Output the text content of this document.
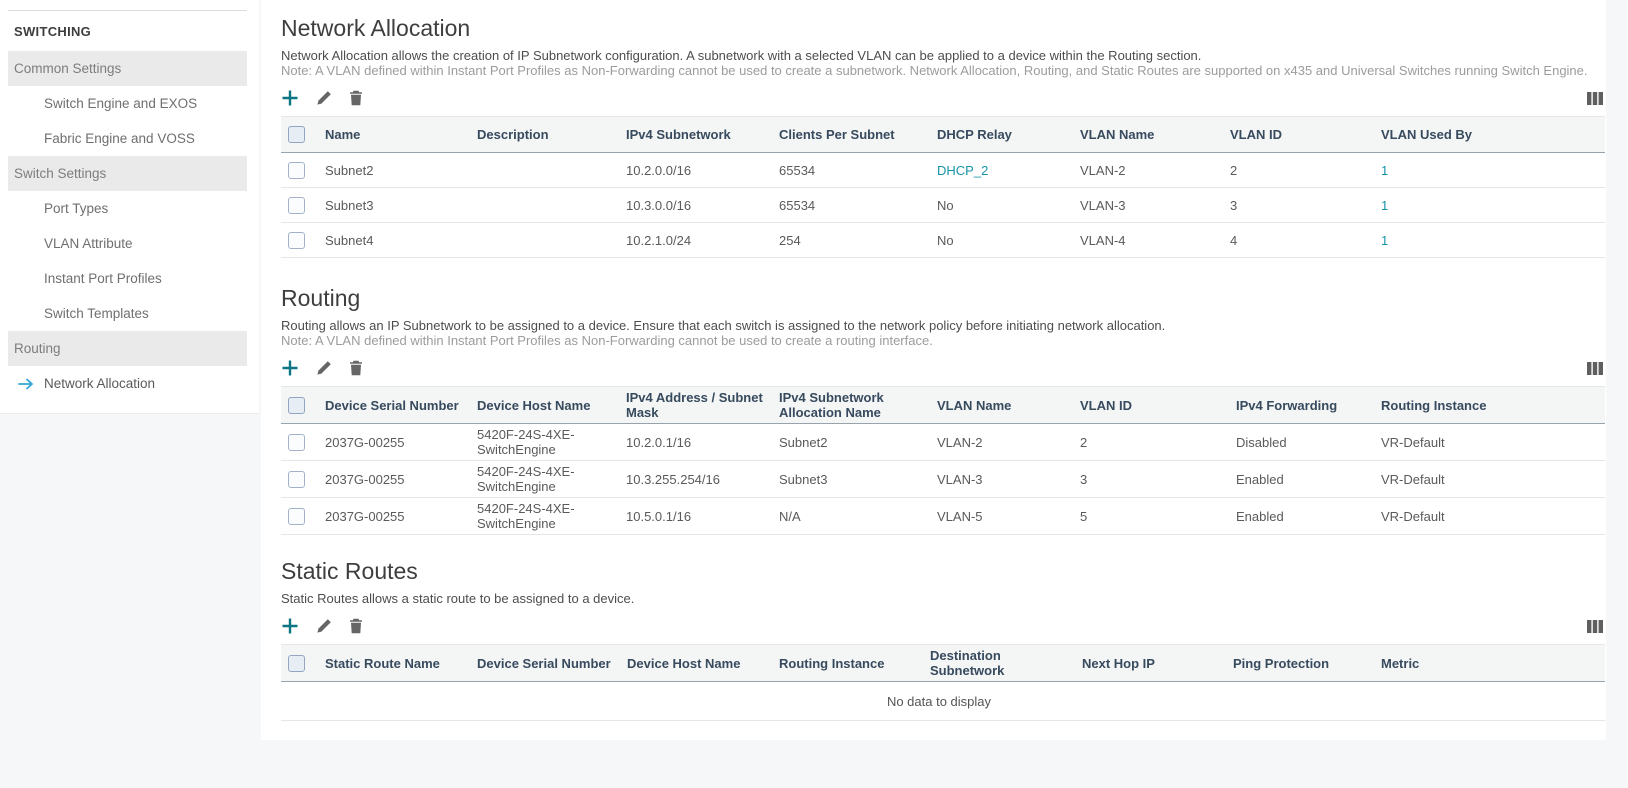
SWITCHING
Common Settings
Switch Engine and EXOS
Fabric Engine and VOSS
Switch Settings
Port Types
VLAN Attribute
Instant Port Profiles
Switch Templates
Routing
Network Allocation
Network Allocation
Network Allocation allows the creation of IP Subnetwork configuration. A subnetwork with a selected VLAN can be applied to a device within the Routing section.
Note: A VLAN defined within Instant Port Profiles as Non-Forwarding cannot be used to create a subnetwork. Network Allocation, Routing, and Static Routes are supported on x435 and Universal Switches running Switch Engine.
	Name	Description	IPv4 Subnetwork	Clients Per Subnet	DHCP Relay	VLAN Name	VLAN ID	VLAN Used By

	Subnet2		10.2.0.0/16	65534	DHCP_2	VLAN-2	2	1

	Subnet3		10.3.0.0/16	65534	No	VLAN-3	3	1

	Subnet4		10.2.1.0/24	254	No	VLAN-4	4	1
Routing
Routing allows an IP Subnetwork to be assigned to a device. Ensure that each switch is assigned to the network policy before initiating network allocation.
Note: A VLAN defined within Instant Port Profiles as Non-Forwarding cannot be used to create a routing interface.
	Device Serial Number	Device Host Name	IPv4 Address / Subnet Mask	IPv4 Subnetwork Allocation Name	VLAN Name	VLAN ID	IPv4 Forwarding	Routing Instance

	2037G-00255	5420F-24S-4XE-SwitchEngine	10.2.0.1/16	Subnet2	VLAN-2	2	Disabled	VR-Default

	2037G-00255	5420F-24S-4XE-SwitchEngine	10.3.255.254/16	Subnet3	VLAN-3	3	Enabled	VR-Default

	2037G-00255	5420F-24S-4XE-SwitchEngine	10.5.0.1/16	N/A	VLAN-5	5	Enabled	VR-Default
Static Routes
Static Routes allows a static route to be assigned to a device.
	Static Route Name	Device Serial Number	Device Host Name	Routing Instance	Destination Subnetwork	Next Hop IP	Ping Protection	Metric
No data to display
